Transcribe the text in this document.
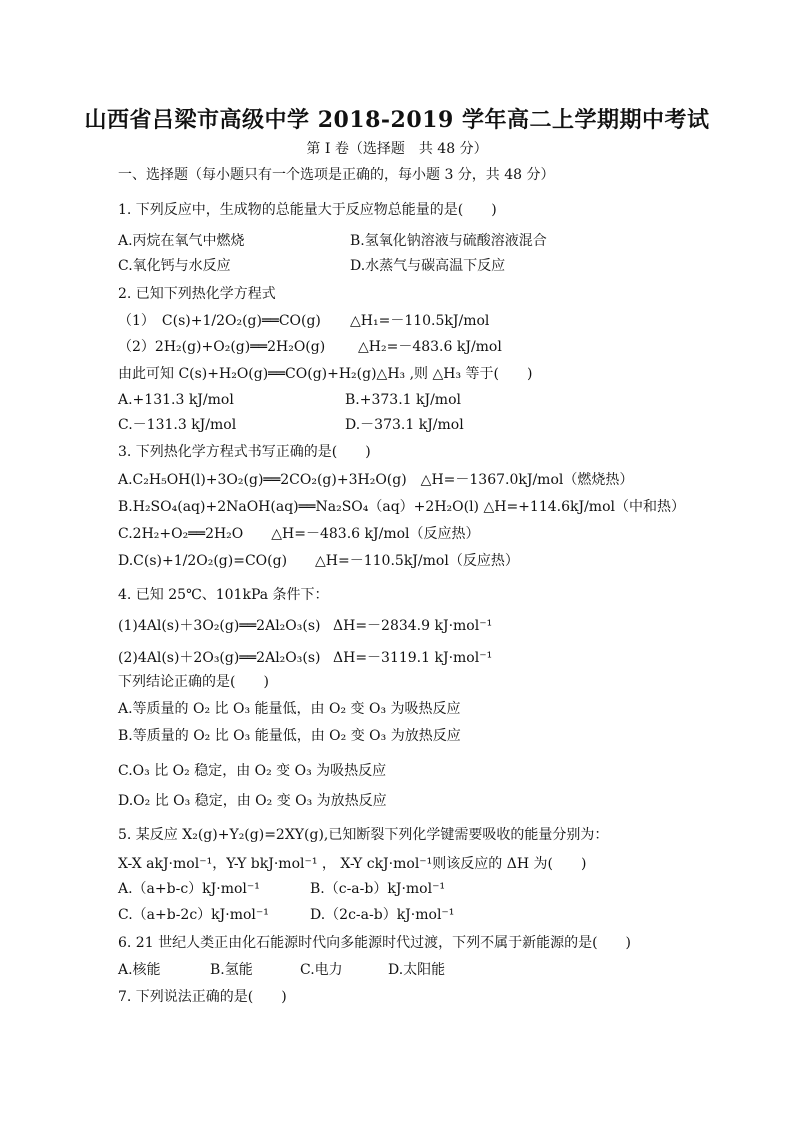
山西省吕梁市高级中学 2018-2019 学年高二上学期期中考试
第 I 卷（选择题　共 48 分）
一、选择题（每小题只有一个选项是正确的，每小题 3 分，共 48 分）
1. 下列反应中，生成物的总能量大于反应物总能量的是(　　)
A.丙烷在氧气中燃烧	B.氢氧化钠溶液与硫酸溶液混合
C.氧化钙与水反应	D.水蒸气与碳高温下反应
2. 已知下列热化学方程式
（1）　C(s)+1/2O₂(g)══CO(g) △H₁=－110.5kJ/mol
（2）2H₂(g)+O₂(g)══2H₂O(g) △H₂=－483.6 kJ/mol
由此可知 C(s)+H₂O(g)══CO(g)+H₂(g)△H₃ ,则 △H₃ 等于(　　)
A.+131.3 kJ/mol	B.+373.1 kJ/mol
C.－131.3 kJ/mol	D.－373.1 kJ/mol
3. 下列热化学方程式书写正确的是(　　)
A.C₂H₅OH(l)+3O₂(g)══2CO₂(g)+3H₂O(g)　△H=－1367.0kJ/mol（燃烧热）
B.H₂SO₄(aq)+2NaOH(aq)══Na₂SO₄（aq）+2H₂O(l) △H=+114.6kJ/mol（中和热）
C.2H₂+O₂══2H₂O　　△H=－483.6 kJ/mol（反应热）
D.C(s)+1/2O₂(g)=CO(g)　　△H=－110.5kJ/mol（反应热）
4. 已知 25℃、101kPa 条件下：
(1)4Al(s)＋3O₂(g)══2Al₂O₃(s) ΔH=－2834.9 kJ·mol⁻¹
(2)4Al(s)＋2O₃(g)══2Al₂O₃(s) ΔH=－3119.1 kJ·mol⁻¹
下列结论正确的是(　　)
A.等质量的 O₂ 比 O₃ 能量低，由 O₂ 变 O₃ 为吸热反应
B.等质量的 O₂ 比 O₃ 能量低，由 O₂ 变 O₃ 为放热反应
C.O₃ 比 O₂ 稳定，由 O₂ 变 O₃ 为吸热反应
D.O₂ 比 O₃ 稳定，由 O₂ 变 O₃ 为放热反应
5. 某反应 X₂(g)+Y₂(g)=2XY(g),已知断裂下列化学键需要吸收的能量分别为：
X-X akJ·mol⁻¹，Y-Y bkJ·mol⁻¹ ， X-Y ckJ·mol⁻¹则该反应的 ΔH 为(　　)
A.（a+b-c）kJ·mol⁻¹	B.（c-a-b）kJ·mol⁻¹
C.（a+b-2c）kJ·mol⁻¹	D.（2c-a-b）kJ·mol⁻¹
6. 21 世纪人类正由化石能源时代向多能源时代过渡，下列不属于新能源的是(　　)
A.核能	B.氢能	C.电力	D.太阳能
7. 下列说法正确的是(　　)
